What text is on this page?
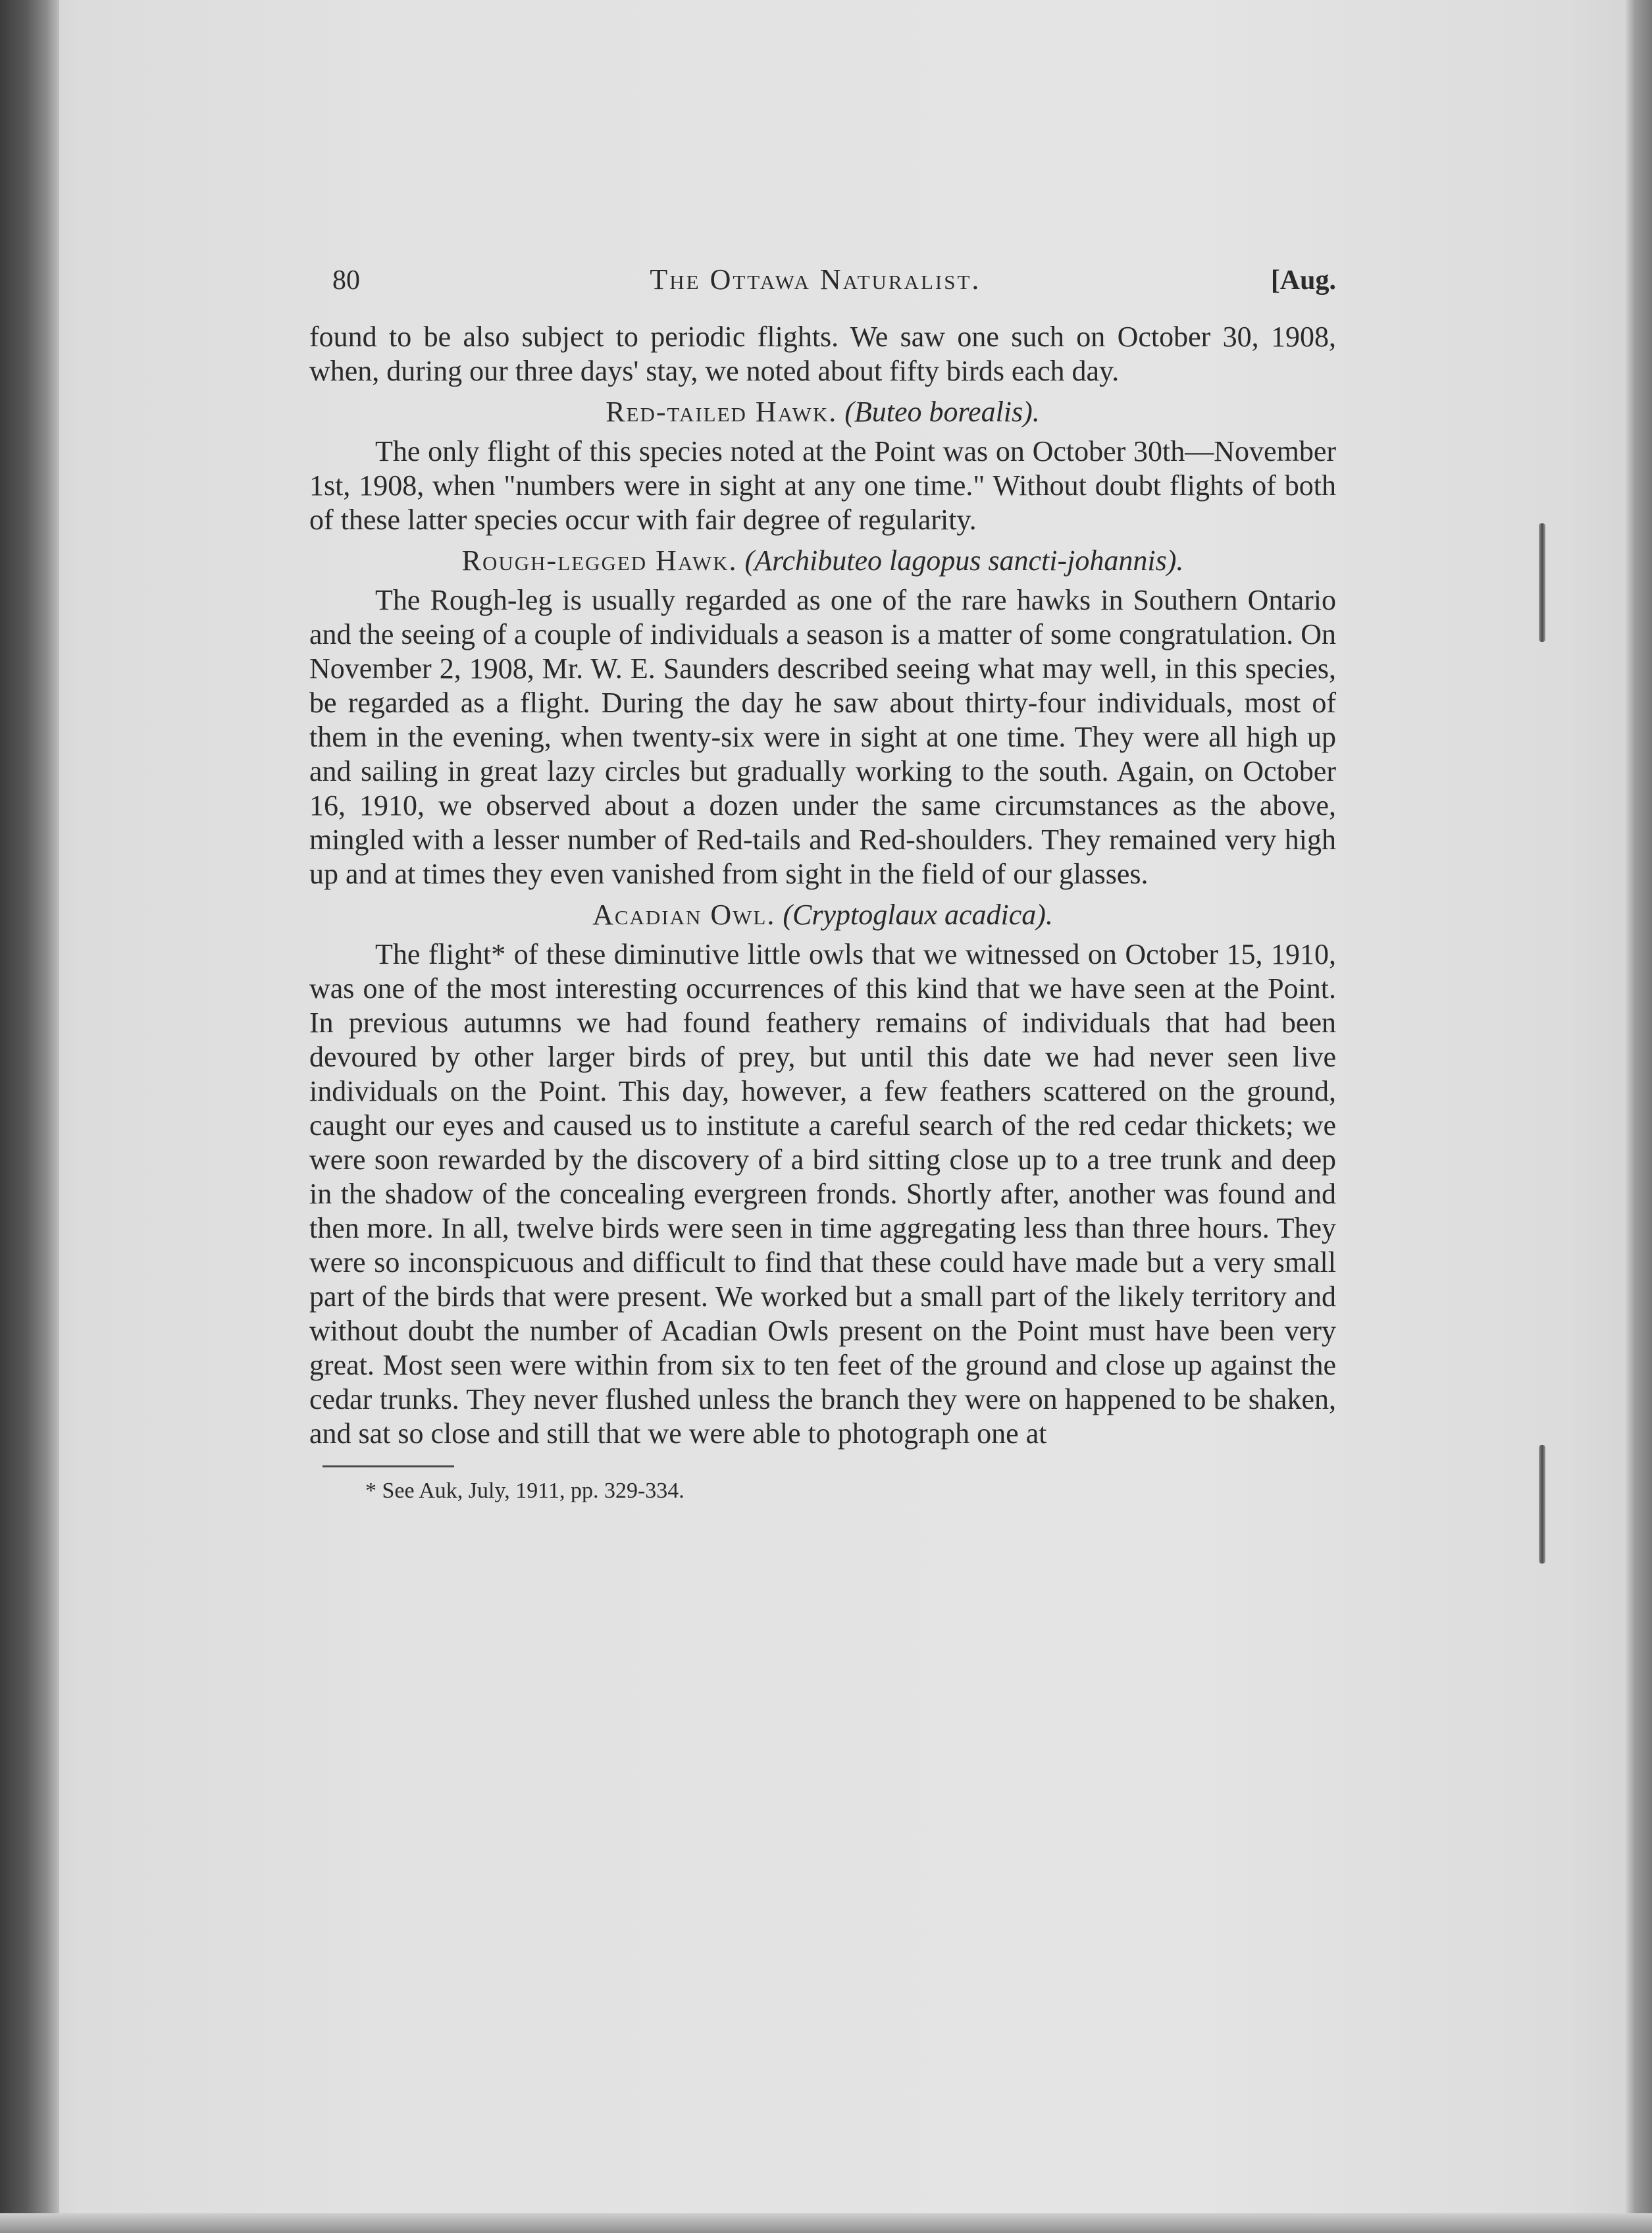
80	The Ottawa Naturalist.	[Aug.

found to be also subject to periodic flights. We saw one such on October 30, 1908, when, during our three days' stay, we noted about fifty birds each day.

Red-tailed Hawk. (Buteo borealis).

The only flight of this species noted at the Point was on October 30th—November 1st, 1908, when "numbers were in sight at any one time." Without doubt flights of both of these latter species occur with fair degree of regularity.

Rough-legged Hawk. (Archibuteo lagopus sancti-johannis).

The Rough-leg is usually regarded as one of the rare hawks in Southern Ontario and the seeing of a couple of individuals a season is a matter of some congratulation. On November 2, 1908, Mr. W. E. Saunders described seeing what may well, in this species, be regarded as a flight. During the day he saw about thirty-four individuals, most of them in the evening, when twenty-six were in sight at one time. They were all high up and sailing in great lazy circles but gradually working to the south. Again, on October 16, 1910, we observed about a dozen under the same circumstances as the above, mingled with a lesser number of Red-tails and Red-shoulders. They remained very high up and at times they even vanished from sight in the field of our glasses.

Acadian Owl. (Cryptoglaux acadica).

The flight* of these diminutive little owls that we witnessed on October 15, 1910, was one of the most interesting occurrences of this kind that we have seen at the Point. In previous autumns we had found feathery remains of individuals that had been devoured by other larger birds of prey, but until this date we had never seen live individuals on the Point. This day, however, a few feathers scattered on the ground, caught our eyes and caused us to institute a careful search of the red cedar thickets; we were soon rewarded by the discovery of a bird sitting close up to a tree trunk and deep in the shadow of the concealing evergreen fronds. Shortly after, another was found and then more. In all, twelve birds were seen in time aggregating less than three hours. They were so inconspicuous and difficult to find that these could have made but a very small part of the birds that were present. We worked but a small part of the likely territory and without doubt the number of Acadian Owls present on the Point must have been very great. Most seen were within from six to ten feet of the ground and close up against the cedar trunks. They never flushed unless the branch they were on happened to be shaken, and sat so close and still that we were able to photograph one at

* See Auk, July, 1911, pp. 329-334.
